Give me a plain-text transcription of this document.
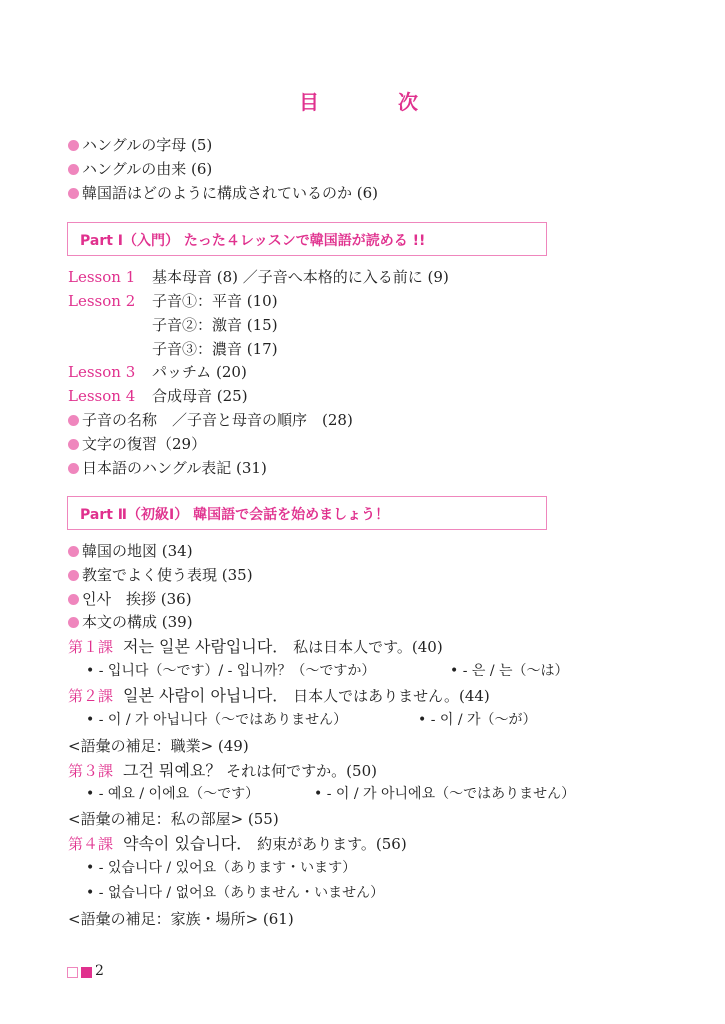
目	次
ハングルの字母 (5)
ハングルの由来 (6)
韓国語はどのように構成されているのか (6)
Part Ⅰ（入門） たった４レッスンで韓国語が読める !!
Lesson 1 基本母音 (8) ／子音へ本格的に入る前に (9)
Lesson 2 子音①：平音 (10)
子音②：激音 (15)
子音③：濃音 (17)
Lesson 3 パッチム (20)
Lesson 4 合成母音 (25)
子音の名称　／子音と母音の順序　(28)
文字の復習（29）
日本語のハングル表記 (31)
Part Ⅱ（初級Ⅰ） 韓国語で会話を始めましょう！
韓国の地図 (34)
教室でよく使う表現 (35)
인사　挨拶 (36)
本文の構成 (39)
第１課 저는 일본 사람입니다． 私は日本人です。(40)
• - 입니다（～です）/ - 입니까？（～ですか）	• - 은 / 는（～は）
第２課 일본 사람이 아닙니다． 日本人ではありません。(44)
• - 이 / 가 아닙니다（～ではありません）	• - 이 / 가（～が）
<語彙の補足：職業> (49)
第３課 그건 뭐예요？ それは何ですか。(50)
• - 예요 / 이에요（～です）	• - 이 / 가 아니에요（～ではありません）
<語彙の補足：私の部屋> (55)
第４課 약속이 있습니다． 約束があります。(56)
• - 있습니다 / 있어요（あります・います）
• - 없습니다 / 없어요（ありません・いません）
<語彙の補足：家族・場所> (61)
2
